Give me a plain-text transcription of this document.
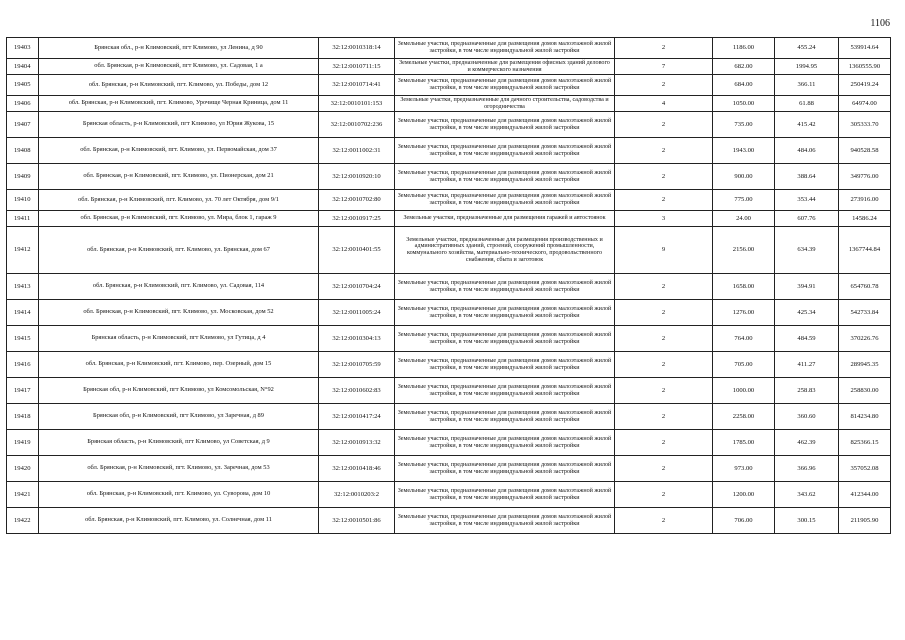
1106
19403	Брянская обл., р-н Климовский, пгт Климово, ул Ленина, д 90	32:12:0010318:14	Земельные участки, предназначенные для размещения домов малоэтажной жилой застройки, в том числе индивидуальной жилой застройки	2	1186.00	455.24	539914.64
19404	обл. Брянская, р-н Климовский, пгт Климово, ул. Садовая, 1 а	32:12:0010711:15	Земельные участки, предназначенные для размещения офисных зданий делового и коммерческого назначения	7	682.00	1994.95	1360555.90
19405	обл. Брянская, р-н Климовский, пгт. Климово, ул. Победы, дом 12	32:12:0010714:41	Земельные участки, предназначенные для размещения домов малоэтажной жилой застройки, в том числе индивидуальной жилой застройки	2	684.00	366.11	250419.24
19406	обл. Брянская, р-н Климовский, пгт. Климово, Урочище Черная Криница, дом 11	32:12:0010101:153	Земельные участки, предназначенные для дачного строительства, садоводства и огородничества	4	1050.00	61.88	64974.00
19407	Брянская область, р-н Климовский, пгт Климово, ул Юрия Жукова, 15	32:12:0010702:236	Земельные участки, предназначенные для размещения домов малоэтажной жилой застройки, в том числе индивидуальной жилой застройки	2	735.00	415.42	305333.70
19408	обл. Брянская, р-н Климовский, пгт. Климово, ул. Первомайская, дом 37	32:12:0011002:31	Земельные участки, предназначенные для размещения домов малоэтажной жилой застройки, в том числе индивидуальной жилой застройки	2	1943.00	484.06	940528.58
19409	обл. Брянская, р-н Климовский, пгт. Климово, ул. Пионерская, дом 21	32:12:0010920:10	Земельные участки, предназначенные для размещения домов малоэтажной жилой застройки, в том числе индивидуальной жилой застройки	2	900.00	388.64	349776.00
19410	обл. Брянская, р-н Климовский, пгт. Климово, ул. 70 лет Октября, дом 9/1	32:12:0010702:80	Земельные участки, предназначенные для размещения домов малоэтажной жилой застройки, в том числе индивидуальной жилой застройки	2	775.00	353.44	273916.00
19411	обл. Брянская, р-н Климовский, пгт. Климово, ул. Мира, блок 1, гараж 9	32:12:0010917:25	Земельные участки, предназначенные для размещения гаражей и автостоянок	3	24.00	607.76	14586.24
19412	обл. Брянская, р-н Климовский, пгт. Климово, ул. Брянская, дом 67	32:12:0010401:55	Земельные участки, предназначенные для размещения производственных и административных зданий, строений, сооружений промышленности, коммунального хозяйства, материально-технического, продовольственного снабжения, сбыта и заготовок	9	2156.00	634.39	1367744.84
19413	обл. Брянская, р-н Климовский, пгт. Климово, ул. Садовая, 114	32:12:0010704:24	Земельные участки, предназначенные для размещения домов малоэтажной жилой застройки, в том числе индивидуальной жилой застройки	2	1658.00	394.91	654760.78
19414	обл. Брянская, р-н Климовский, пгт. Климово, ул. Московская, дом 52	32:12:0011005:24	Земельные участки, предназначенные для размещения домов малоэтажной жилой застройки, в том числе индивидуальной жилой застройки	2	1276.00	425.34	542733.84
19415	Брянская область, р-н Климовский, пгт Климово, ул Гутица, д 4	32:12:0010304:13	Земельные участки, предназначенные для размещения домов малоэтажной жилой застройки, в том числе индивидуальной жилой застройки	2	764.00	484.59	370226.76
19416	обл. Брянская, р-н Климовский, пгт. Климово, пер. Озерный, дом 15	32:12:0010705:59	Земельные участки, предназначенные для размещения домов малоэтажной жилой застройки, в том числе индивидуальной жилой застройки	2	705.00	411.27	289945.35
19417	Брянская обл, р-н Климовский, пгт Климово, ул Комсомольская, N°92	32:12:0010602:83	Земельные участки, предназначенные для размещения домов малоэтажной жилой застройки, в том числе индивидуальной жилой застройки	2	1000.00	258.83	258830.00
19418	Брянская обл, р-н Климовский, пгт Климово, ул Заречная, д 89	32:12:0010417:24	Земельные участки, предназначенные для размещения домов малоэтажной жилой застройки, в том числе индивидуальной жилой застройки	2	2258.00	360.60	814234.80
19419	Брянская область, р-н Климовский, пгт Климово, ул Советская, д 9	32:12:0010913:32	Земельные участки, предназначенные для размещения домов малоэтажной жилой застройки, в том числе индивидуальной жилой застройки	2	1785.00	462.39	825366.15
19420	обл. Брянская, р-н Климовский, пгт. Климово, ул. Заречная, дом 53	32:12:0010418:46	Земельные участки, предназначенные для размещения домов малоэтажной жилой застройки, в том числе индивидуальной жилой застройки	2	973.00	366.96	357052.08
19421	обл. Брянская, р-н Климовский, пгт. Климово, ул. Суворова, дом 10	32:12:0010203:2	Земельные участки, предназначенные для размещения домов малоэтажной жилой застройки, в том числе индивидуальной жилой застройки	2	1200.00	343.62	412344.00
19422	обл. Брянская, р-н Климовский, пгт. Климово, ул. Солнечная, дом 11	32:12:0010501:86	Земельные участки, предназначенные для размещения домов малоэтажной жилой застройки, в том числе индивидуальной жилой застройки	2	706.00	300.15	211905.90
